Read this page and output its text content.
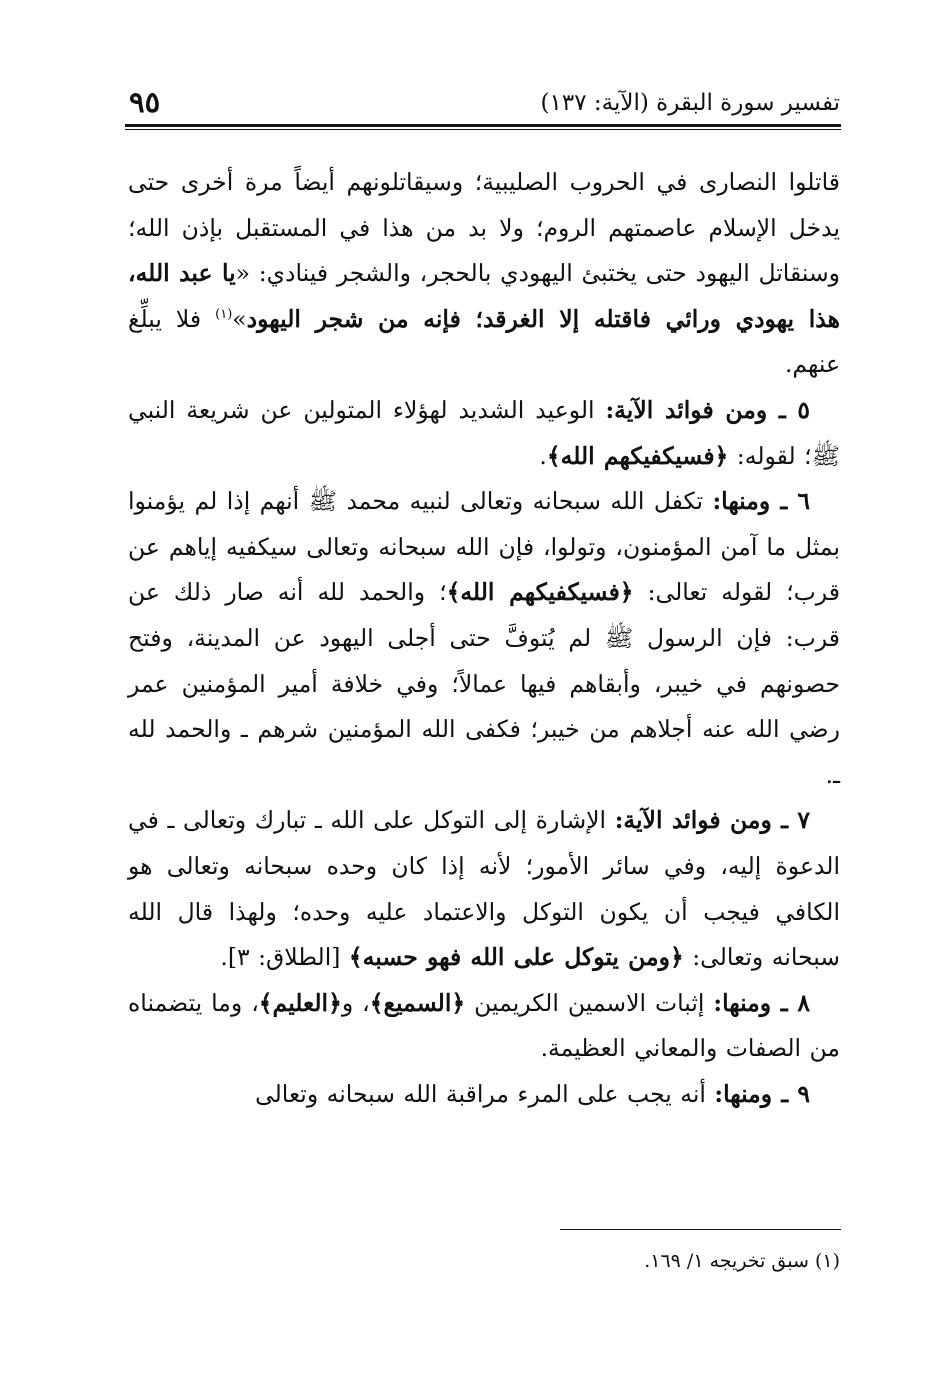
تفسير سورة البقرة (الآية: ١٣٧)
٩٥

قاتلوا النصارى في الحروب الصليبية؛ وسيقاتلونهم أيضاً مرة أخرى حتى يدخل الإسلام عاصمتهم الروم؛ ولا بد من هذا في المستقبل بإذن الله؛ وسنقاتل اليهود حتى يختبئ اليهودي بالحجر، والشجر فينادي: «يا عبد الله، هذا يهودي ورائي فاقتله إلا الغرقد؛ فإنه من شجر اليهود»$^{(١)}$ فلا يبلِّغ عنهم.

٥ ـ ومن فوائد الآية: الوعيد الشديد لهؤلاء المتولين عن شريعة النبي ﷺ؛ لقوله: ﴿فسيكفيكهم الله﴾.

٦ ـ ومنها: تكفل الله سبحانه وتعالى لنبيه محمد ﷺ أنهم إذا لم يؤمنوا بمثل ما آمن المؤمنون، وتولوا، فإن الله سبحانه وتعالى سيكفيه إياهم عن قرب؛ لقوله تعالى: ﴿فسيكفيكهم الله﴾؛ والحمد لله أنه صار ذلك عن قرب: فإن الرسول ﷺ لم يُتوفَّ حتى أجلى اليهود عن المدينة، وفتح حصونهم في خيبر، وأبقاهم فيها عمالاً؛ وفي خلافة أمير المؤمنين عمر رضي الله عنه أجلاهم من خيبر؛ فكفى الله المؤمنين شرهم ـ والحمد لله ـ.

٧ ـ ومن فوائد الآية: الإشارة إلى التوكل على الله ـ تبارك وتعالى ـ في الدعوة إليه، وفي سائر الأمور؛ لأنه إذا كان وحده سبحانه وتعالى هو الكافي فيجب أن يكون التوكل والاعتماد عليه وحده؛ ولهذا قال الله سبحانه وتعالى: ﴿ومن يتوكل على الله فهو حسبه﴾ [الطلاق: ٣].

٨ ـ ومنها: إثبات الاسمين الكريمين ﴿السميع﴾، و﴿العليم﴾، وما يتضمناه من الصفات والمعاني العظيمة.

٩ ـ ومنها: أنه يجب على المرء مراقبة الله سبحانه وتعالى

(١) سبق تخريجه ١/ ١٦٩.
